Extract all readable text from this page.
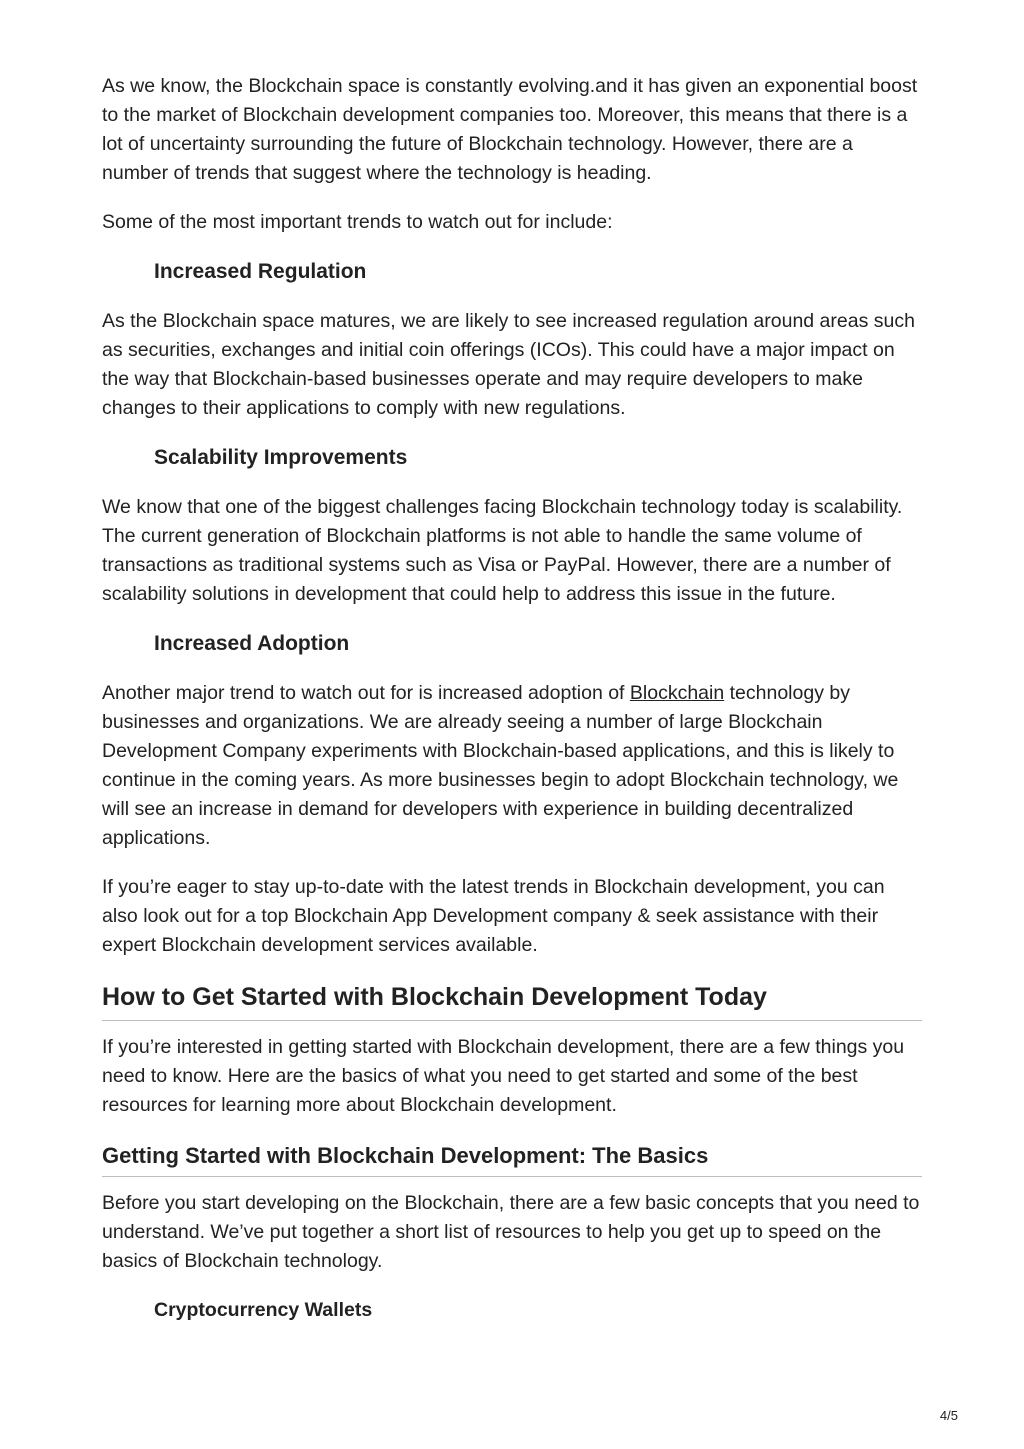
As we know, the Blockchain space is constantly evolving.and it has given an exponential boost to the market of Blockchain development companies too. Moreover, this means that there is a lot of uncertainty surrounding the future of Blockchain technology. However, there are a number of trends that suggest where the technology is heading.

Some of the most important trends to watch out for include:

Increased Regulation

As the Blockchain space matures, we are likely to see increased regulation around areas such as securities, exchanges and initial coin offerings (ICOs). This could have a major impact on the way that Blockchain-based businesses operate and may require developers to make changes to their applications to comply with new regulations.

Scalability Improvements

We know that one of the biggest challenges facing Blockchain technology today is scalability. The current generation of Blockchain platforms is not able to handle the same volume of transactions as traditional systems such as Visa or PayPal. However, there are a number of scalability solutions in development that could help to address this issue in the future.

Increased Adoption

Another major trend to watch out for is increased adoption of Blockchain technology by businesses and organizations. We are already seeing a number of large Blockchain Development Company experiments with Blockchain-based applications, and this is likely to continue in the coming years. As more businesses begin to adopt Blockchain technology, we will see an increase in demand for developers with experience in building decentralized applications.

If you’re eager to stay up-to-date with the latest trends in Blockchain development, you can also look out for a top Blockchain App Development company & seek assistance with their expert Blockchain development services available.

How to Get Started with Blockchain Development Today

If you’re interested in getting started with Blockchain development, there are a few things you need to know. Here are the basics of what you need to get started and some of the best resources for learning more about Blockchain development.

Getting Started with Blockchain Development: The Basics

Before you start developing on the Blockchain, there are a few basic concepts that you need to understand. We’ve put together a short list of resources to help you get up to speed on the basics of Blockchain technology.

Cryptocurrency Wallets
4/5
